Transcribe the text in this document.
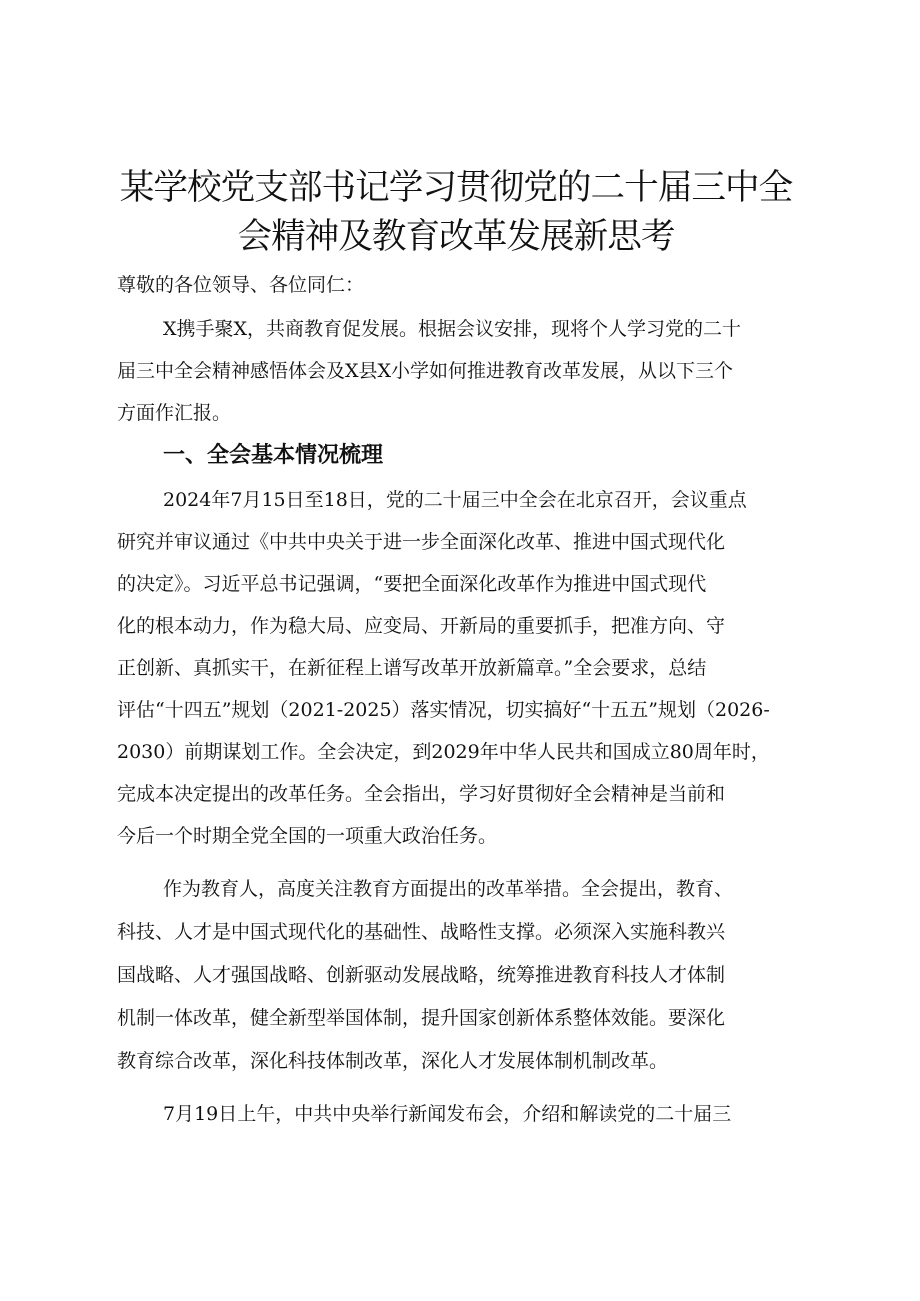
某学校党支部书记学习贯彻党的二十届三中全
会精神及教育改革发展新思考

尊敬的各位领导、各位同仁：

X携手聚X，共商教育促发展。根据会议安排，现将个人学习党的二十

届三中全会精神感悟体会及X县X小学如何推进教育改革发展，从以下三个

方面作汇报。

一、全会基本情况梳理

2024年7月15日至18日，党的二十届三中全会在北京召开，会议重点

研究并审议通过《中共中央关于进一步全面深化改革、推进中国式现代化

的决定》。习近平总书记强调，“要把全面深化改革作为推进中国式现代

化的根本动力，作为稳大局、应变局、开新局的重要抓手，把准方向、守

正创新、真抓实干，在新征程上谱写改革开放新篇章。”全会要求，总结

评估“十四五”规划（2021-2025）落实情况，切实搞好“十五五”规划（2026-

2030）前期谋划工作。全会决定，到2029年中华人民共和国成立80周年时，

完成本决定提出的改革任务。全会指出，学习好贯彻好全会精神是当前和

今后一个时期全党全国的一项重大政治任务。

作为教育人，高度关注教育方面提出的改革举措。全会提出，教育、

科技、人才是中国式现代化的基础性、战略性支撑。必须深入实施科教兴

国战略、人才强国战略、创新驱动发展战略，统筹推进教育科技人才体制

机制一体改革，健全新型举国体制，提升国家创新体系整体效能。要深化

教育综合改革，深化科技体制改革，深化人才发展体制机制改革。

7月19日上午，中共中央举行新闻发布会，介绍和解读党的二十届三
